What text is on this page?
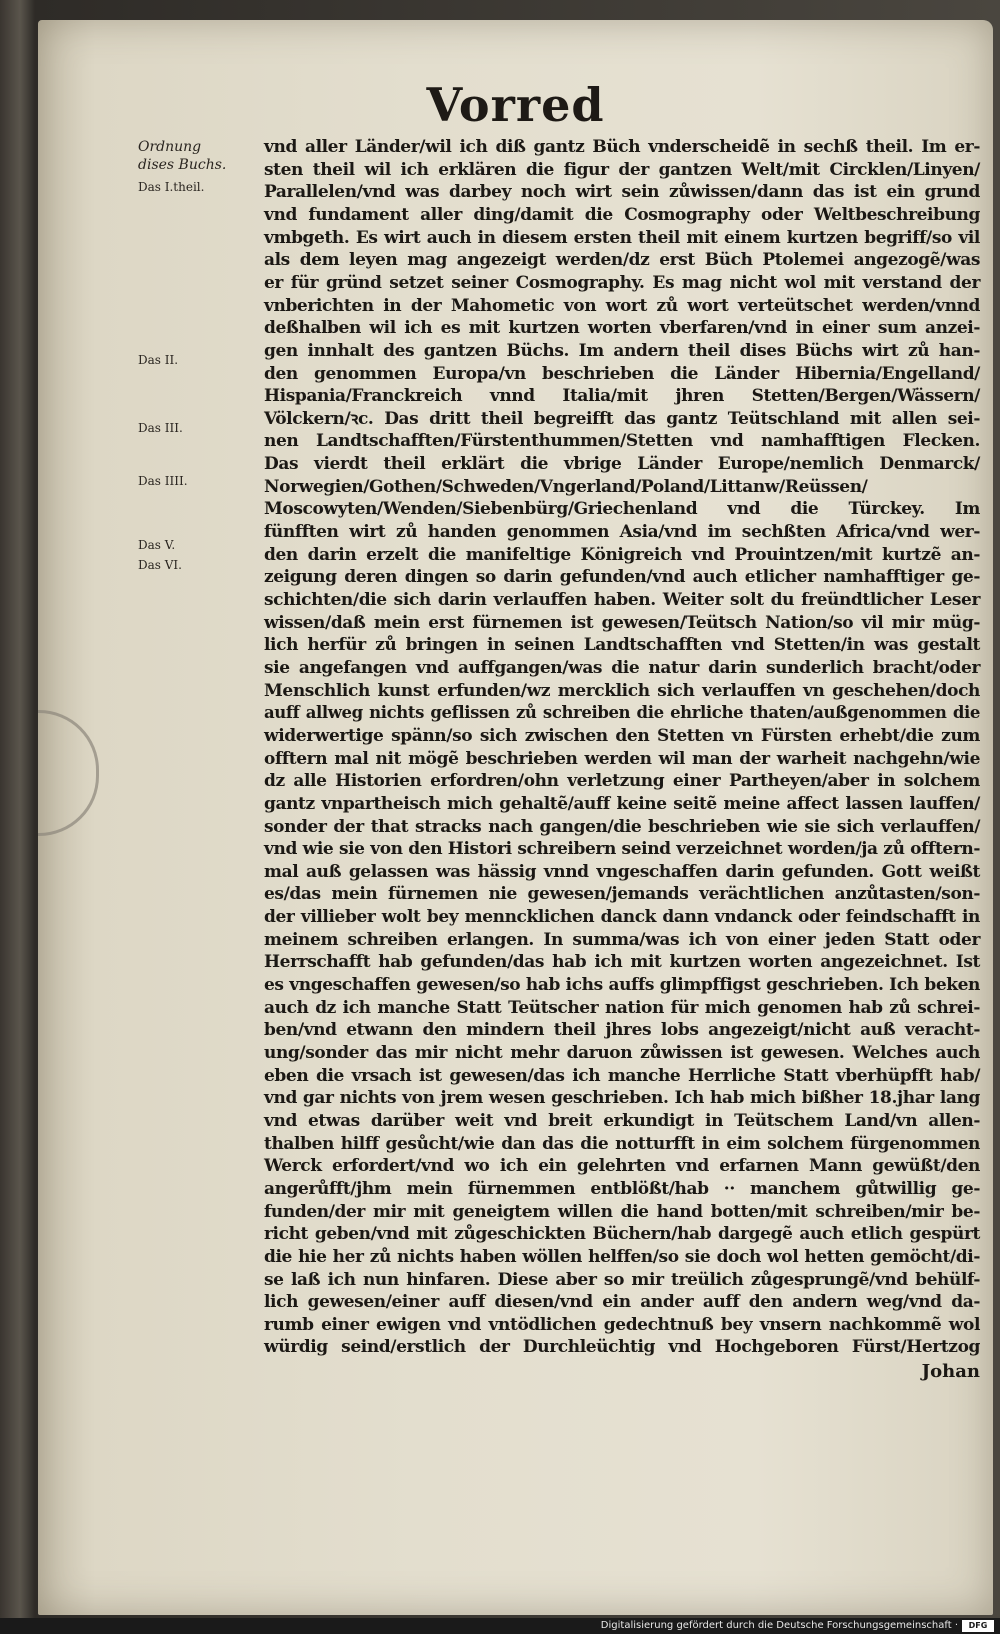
Vorred
Ordnung
dises Buchs.
Das I.theil.
Das II.
Das III.
Das IIII.
Das V.
Das VI.
vnd aller Länder/wil ich diß gantz Büch vnderscheidẽ in sechß theil. Im er-
sten theil wil ich erklären die figur der gantzen Welt/mit Circklen/Linyen/
Parallelen/vnd was darbey noch wirt sein zůwissen/dann das ist ein grund
vnd fundament aller ding/damit die Cosmography oder Weltbeschreibung
vmbgeth. Es wirt auch in diesem ersten theil mit einem kurtzen begriff/so vil
als dem leyen mag angezeigt werden/dz erst Büch Ptolemei angezogẽ/was
er für gründ setzet seiner Cosmography. Es mag nicht wol mit verstand der
vnberichten in der Mahometic von wort zů wort verteütschet werden/vnnd
deßhalben wil ich es mit kurtzen worten vberfaren/vnd in einer sum anzei-
gen innhalt des gantzen Büchs. Im andern theil dises Büchs wirt zů han-
den genommen Europa/vn beschrieben die Länder Hibernia/Engelland/
Hispania/Franckreich vnnd Italia/mit jhren Stetten/Bergen/Wässern/
Völckern/ꝛc. Das dritt theil begreifft das gantz Teütschland mit allen sei-
nen Landtschafften/Fürstenthummen/Stetten vnd namhafftigen Flecken.
Das vierdt theil erklärt die vbrige Länder Europe/nemlich Denmarck/
Norwegien/Gothen/Schweden/Vngerland/Poland/Littanw/Reüssen/
Moscowyten/Wenden/Siebenbürg/Griechenland vnd die Türckey. Im
fünfften wirt zů handen genommen Asia/vnd im sechßten Africa/vnd wer-
den darin erzelt die manifeltige Königreich vnd Prouintzen/mit kurtzẽ an-
zeigung deren dingen so darin gefunden/vnd auch etlicher namhafftiger ge-
schichten/die sich darin verlauffen haben. Weiter solt du freündtlicher Leser
wissen/daß mein erst fürnemen ist gewesen/Teütsch Nation/so vil mir müg-
lich herfür zů bringen in seinen Landtschafften vnd Stetten/in was gestalt
sie angefangen vnd auffgangen/was die natur darin sunderlich bracht/oder
Menschlich kunst erfunden/wz mercklich sich verlauffen vn geschehen/doch
auff allweg nichts geflissen zů schreiben die ehrliche thaten/außgenommen die
widerwertige spänn/so sich zwischen den Stetten vn Fürsten erhebt/die zum
offtern mal nit mögẽ beschrieben werden wil man der warheit nachgehn/wie
dz alle Historien erfordren/ohn verletzung einer Partheyen/aber in solchem
gantz vnpartheisch mich gehaltẽ/auff keine seitẽ meine affect lassen lauffen/
sonder der that stracks nach gangen/die beschrieben wie sie sich verlauffen/
vnd wie sie von den Histori schreibern seind verzeichnet worden/ja zů offtern-
mal auß gelassen was hässig vnnd vngeschaffen darin gefunden. Gott weißt
es/das mein fürnemen nie gewesen/jemands verächtlichen anzůtasten/son-
der villieber wolt bey menncklichen danck dann vndanck oder feindschafft in
meinem schreiben erlangen. In summa/was ich von einer jeden Statt oder
Herrschafft hab gefunden/das hab ich mit kurtzen worten angezeichnet. Ist
es vngeschaffen gewesen/so hab ichs auffs glimpffigst geschrieben. Ich beken
auch dz ich manche Statt Teütscher nation für mich genomen hab zů schrei-
ben/vnd etwann den mindern theil jhres lobs angezeigt/nicht auß veracht-
ung/sonder das mir nicht mehr daruon zůwissen ist gewesen. Welches auch
eben die vrsach ist gewesen/das ich manche Herrliche Statt vberhüpfft hab/
vnd gar nichts von jrem wesen geschrieben. Ich hab mich bißher 18.jhar lang
vnd etwas darüber weit vnd breit erkundigt in Teütschem Land/vn allen-
thalben hilff gesůcht/wie dan das die notturfft in eim solchem fürgenommen
Werck erfordert/vnd wo ich ein gelehrten vnd erfarnen Mann gewüßt/den
angerůfft/jhm mein fürnemmen entblößt/hab ·· manchem gůtwillig ge-
funden/der mir mit geneigtem willen die hand botten/mit schreiben/mir be-
richt geben/vnd mit zůgeschickten Büchern/hab dargegẽ auch etlich gespürt
die hie her zů nichts haben wöllen helffen/so sie doch wol hetten gemöcht/di-
se laß ich nun hinfaren. Diese aber so mir treülich zůgesprungẽ/vnd behülf-
lich gewesen/einer auff diesen/vnd ein ander auff den andern weg/vnd da-
rumb einer ewigen vnd vntödlichen gedechtnuß bey vnsern nachkommẽ wol
würdig seind/erstlich der Durchleüchtig vnd Hochgeboren Fürst/Hertzog
Johan
Digitalisierung gefördert durch die Deutsche Forschungsgemeinschaft ·	DFG
